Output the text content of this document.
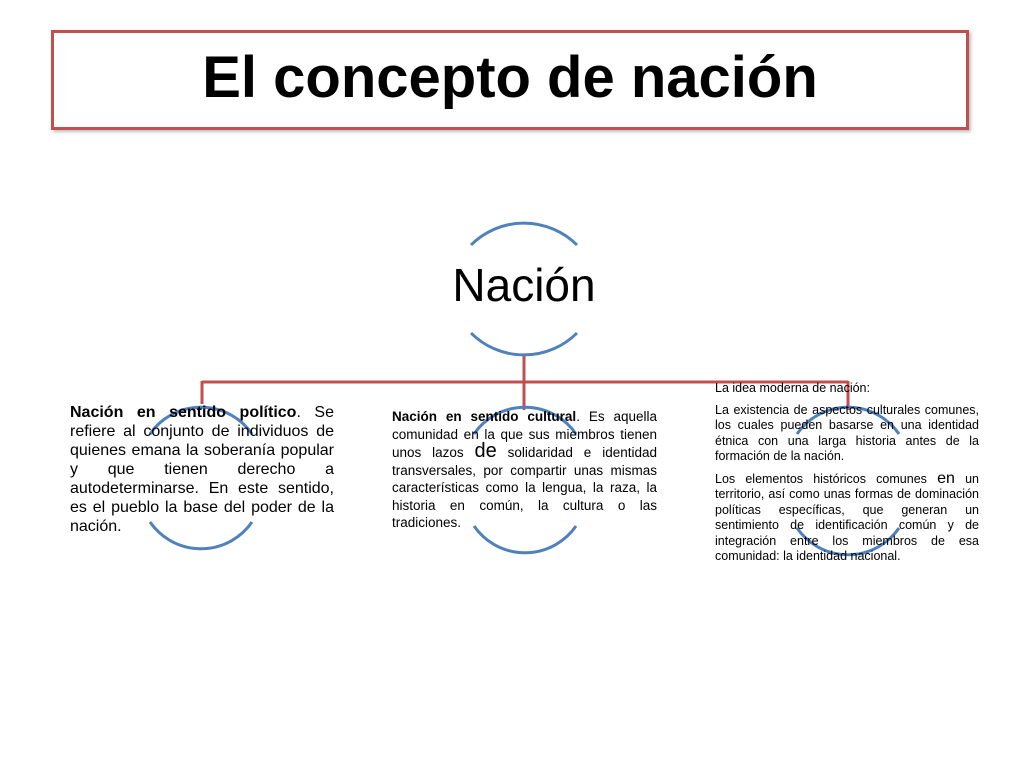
El concepto de nación
Nación
Nación en sentido político. Se refiere al conjunto de individuos de quienes emana la soberanía popular y que tienen derecho a autodeterminarse. En este sentido, es el pueblo la base del poder de la nación.
Nación en sentido cultural. Es aquella comunidad en la que sus miembros tienen unos lazos de solidaridad e identidad transversales, por compartir unas mismas características como la lengua, la raza, la historia en común, la cultura o las tradiciones.

La idea moderna de nación:

La existencia de aspectos culturales comunes, los cuales pueden basarse en una identidad étnica con una larga historia antes de la formación de la nación.

Los elementos históricos comunes en un territorio, así como unas formas de dominación políticas específicas, que generan un sentimiento de identificación común y de integración entre los miembros de esa comunidad: la identidad nacional.
